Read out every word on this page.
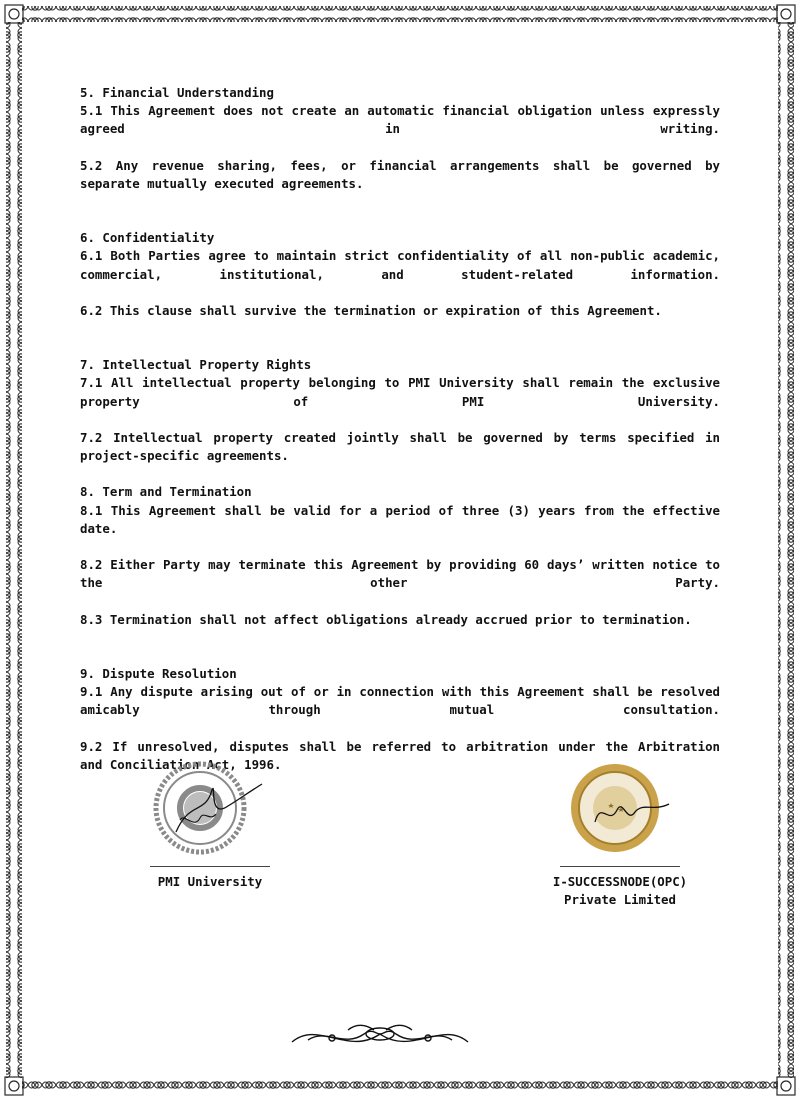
5. Financial Understanding

5.1 This Agreement does not create an automatic financial obligation unless expressly agreed in writing.

5.2 Any revenue sharing, fees, or financial arrangements shall be governed by separate mutually executed agreements.

6. Confidentiality

6.1 Both Parties agree to maintain strict confidentiality of all non-public academic, commercial, institutional, and student-related information.

6.2 This clause shall survive the termination or expiration of this Agreement.

7. Intellectual Property Rights

7.1 All intellectual property belonging to PMI University shall remain the exclusive property of PMI University.

7.2 Intellectual property created jointly shall be governed by terms specified in project-specific agreements.

8. Term and Termination

8.1 This Agreement shall be valid for a period of three (3) years from the effective date.

8.2 Either Party may terminate this Agreement by providing 60 days’ written notice to the other Party.

8.3 Termination shall not affect obligations already accrued prior to termination.

9. Dispute Resolution

9.1 Any dispute arising out of or in connection with this Agreement shall be resolved amicably through mutual consultation.

9.2 If unresolved, disputes shall be referred to arbitration under the Arbitration and Conciliation Act, 1996.

PMI University	I-SUCCESSNODE(OPC)
Private Limited
